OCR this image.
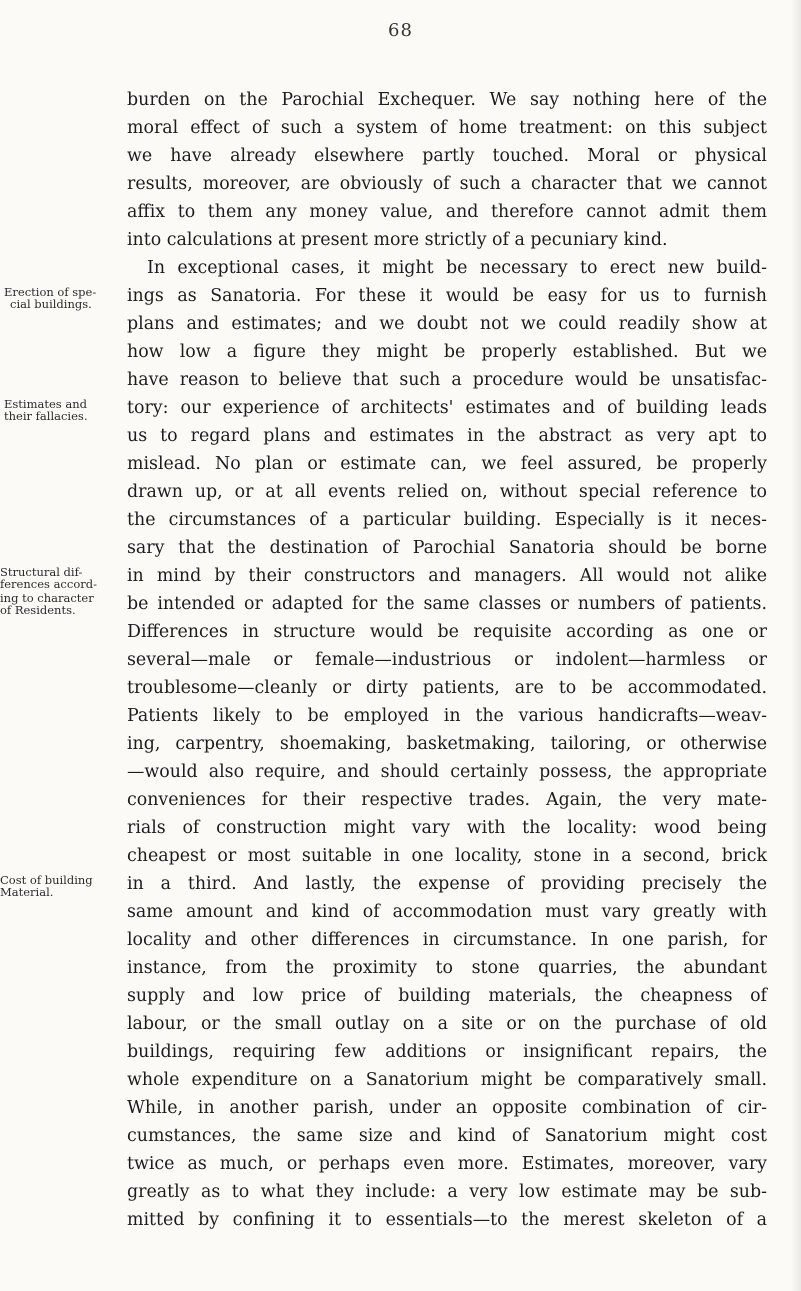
68
burden on the Parochial Exchequer. We say nothing here of the
moral effect of such a system of home treatment: on this subject
we have already elsewhere partly touched. Moral or physical
results, moreover, are obviously of such a character that we cannot
affix to them any money value, and therefore cannot admit them
into calculations at present more strictly of a pecuniary kind.
In exceptional cases, it might be necessary to erect new build-
ings as Sanatoria. For these it would be easy for us to furnish
plans and estimates; and we doubt not we could readily show at
how low a figure they might be properly established. But we
have reason to believe that such a procedure would be unsatisfac-
tory: our experience of architects' estimates and of building leads
us to regard plans and estimates in the abstract as very apt to
mislead. No plan or estimate can, we feel assured, be properly
drawn up, or at all events relied on, without special reference to
the circumstances of a particular building. Especially is it neces-
sary that the destination of Parochial Sanatoria should be borne
in mind by their constructors and managers. All would not alike
be intended or adapted for the same classes or numbers of patients.
Differences in structure would be requisite according as one or
several—male or female—industrious or indolent—harmless or
troublesome—cleanly or dirty patients, are to be accommodated.
Patients likely to be employed in the various handicrafts—weav-
ing, carpentry, shoemaking, basketmaking, tailoring, or otherwise
—would also require, and should certainly possess, the appropriate
conveniences for their respective trades. Again, the very mate-
rials of construction might vary with the locality: wood being
cheapest or most suitable in one locality, stone in a second, brick
in a third. And lastly, the expense of providing precisely the
same amount and kind of accommodation must vary greatly with
locality and other differences in circumstance. In one parish, for
instance, from the proximity to stone quarries, the abundant
supply and low price of building materials, the cheapness of
labour, or the small outlay on a site or on the purchase of old
buildings, requiring few additions or insignificant repairs, the
whole expenditure on a Sanatorium might be comparatively small.
While, in another parish, under an opposite combination of cir-
cumstances, the same size and kind of Sanatorium might cost
twice as much, or perhaps even more. Estimates, moreover, vary
greatly as to what they include: a very low estimate may be sub-
mitted by confining it to essentials—to the merest skeleton of a
Erection of spe-
cial buildings.
Estimates and
their fallacies.
Structural dif-
ferences accord-
ing to character
of Residents.
Cost of building
Material.
